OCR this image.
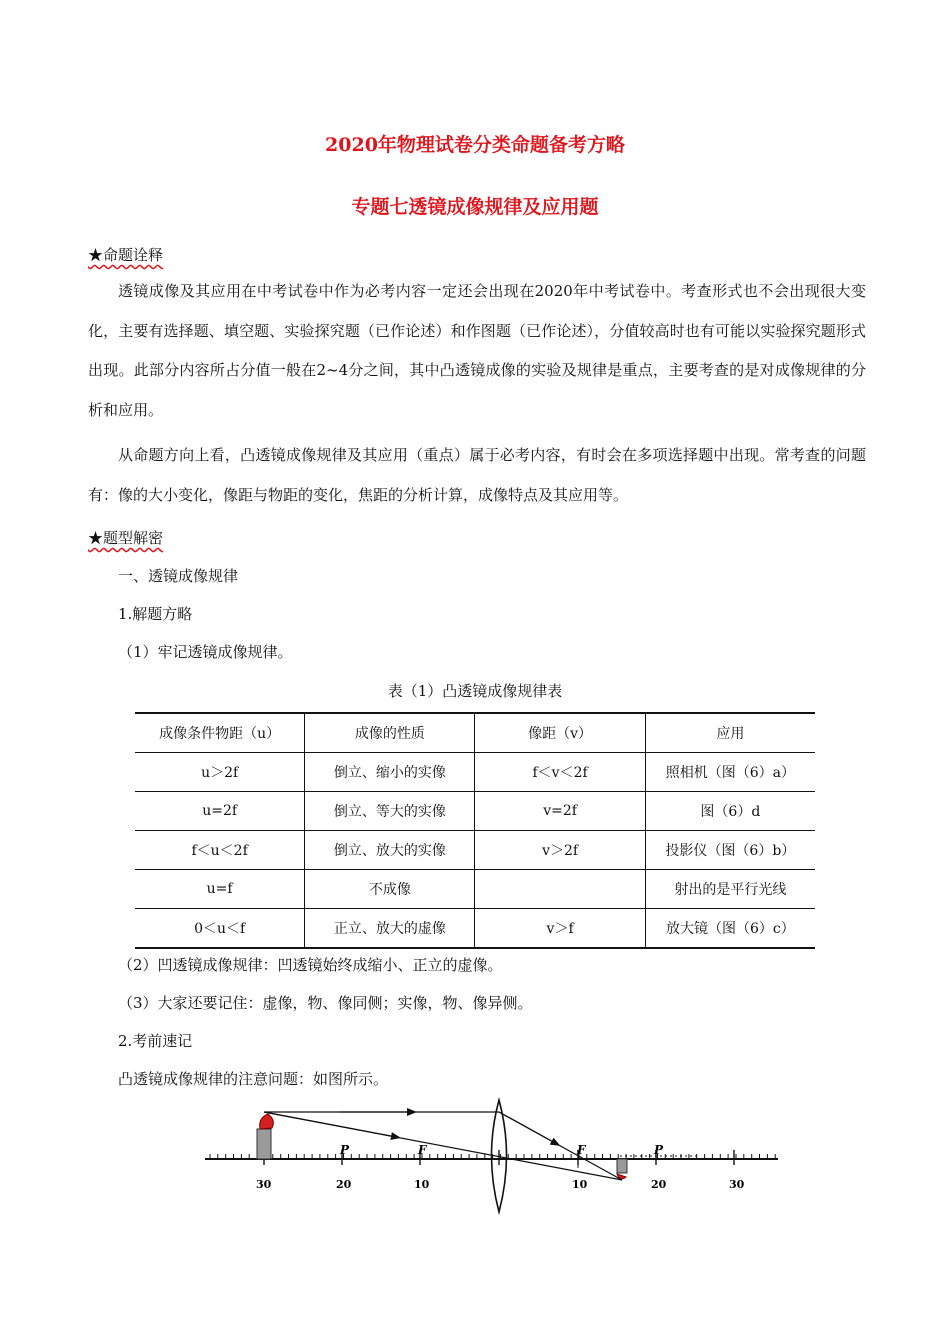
2020年物理试卷分类命题备考方略
专题七透镜成像规律及应用题
★命题诠释
透镜成像及其应用在中考试卷中作为必考内容一定还会出现在2020年中考试卷中。考查形式也不会出现很大变化，主要有选择题、填空题、实验探究题（已作论述）和作图题（已作论述），分值较高时也有可能以实验探究题形式出现。此部分内容所占分值一般在2~4分之间，其中凸透镜成像的实验及规律是重点，主要考查的是对成像规律的分析和应用。
从命题方向上看，凸透镜成像规律及其应用（重点）属于必考内容，有时会在多项选择题中出现。常考查的问题有：像的大小变化，像距与物距的变化，焦距的分析计算，成像特点及其应用等。
★题型解密
一、透镜成像规律
1.解题方略
（1）牢记透镜成像规律。
表（1）凸透镜成像规律表
成像条件物距（u）	成像的性质	像距（v）	应用
u＞2f	倒立、缩小的实像	f＜v＜2f	照相机（图（6）a）
u=2f	倒立、等大的实像	v=2f	图（6）d
f＜u＜2f	倒立、放大的实像	v＞2f	投影仪（图（6）b）
u=f	不成像		射出的是平行光线
0＜u＜f	正立、放大的虚像	v＞f	放大镜（图（6）c）
（2）凹透镜成像规律：凹透镜始终成缩小、正立的虚像。
（3）大家还要记住：虚像，物、像同侧；实像，物、像异侧。
2.考前速记
凸透镜成像规律的注意问题：如图所示。
P	F	F	P
30	20	10	10	20	30
